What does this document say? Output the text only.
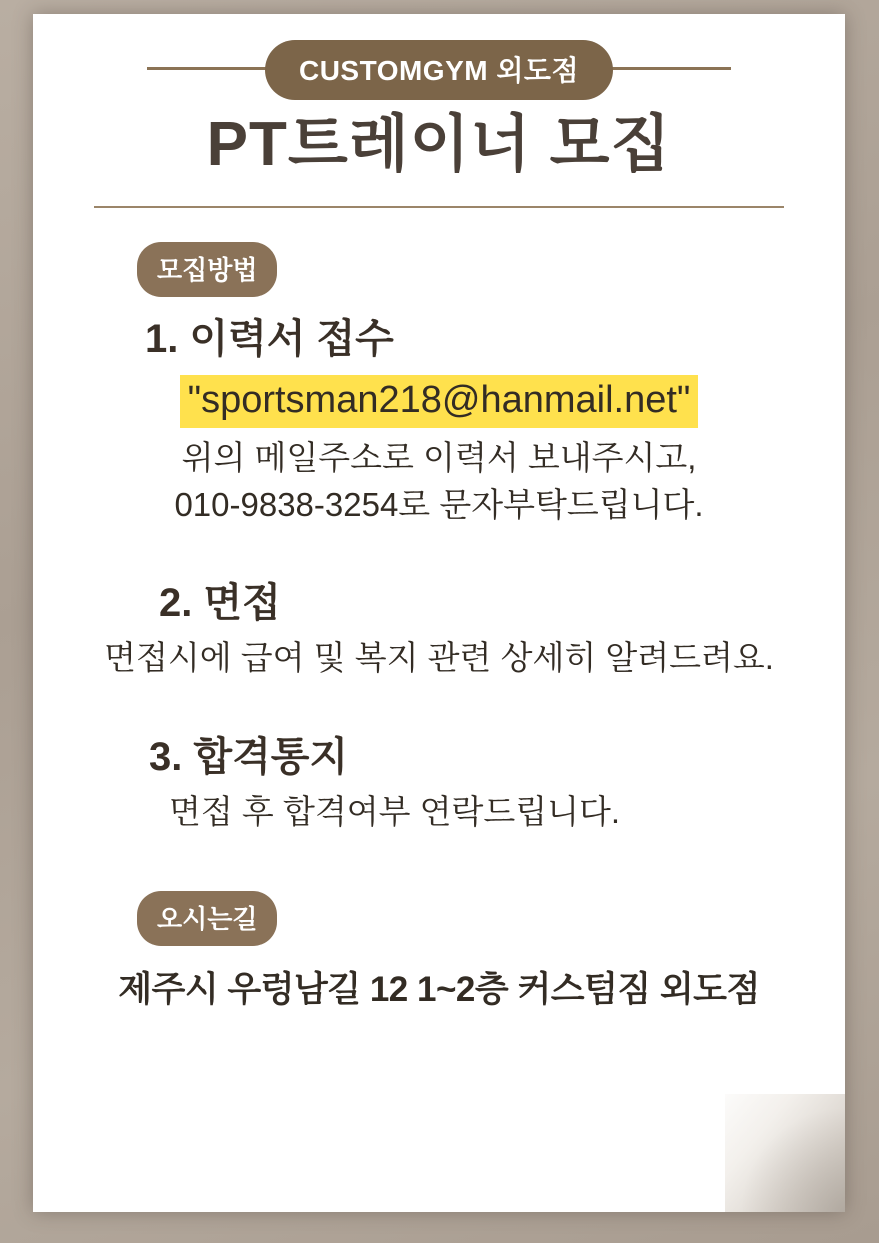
CUSTOMGYM 외도점
PT트레이너 모집
모집방법
1. 이력서 접수
"sportsman218@hanmail.net"
위의 메일주소로 이력서 보내주시고,
010-9838-3254로 문자부탁드립니다.
2. 면접
면접시에 급여 및 복지 관련 상세히 알려드려요.
3. 합격통지
면접 후 합격여부 연락드립니다.
오시는길
제주시 우렁남길 12 1~2층 커스텀짐 외도점
